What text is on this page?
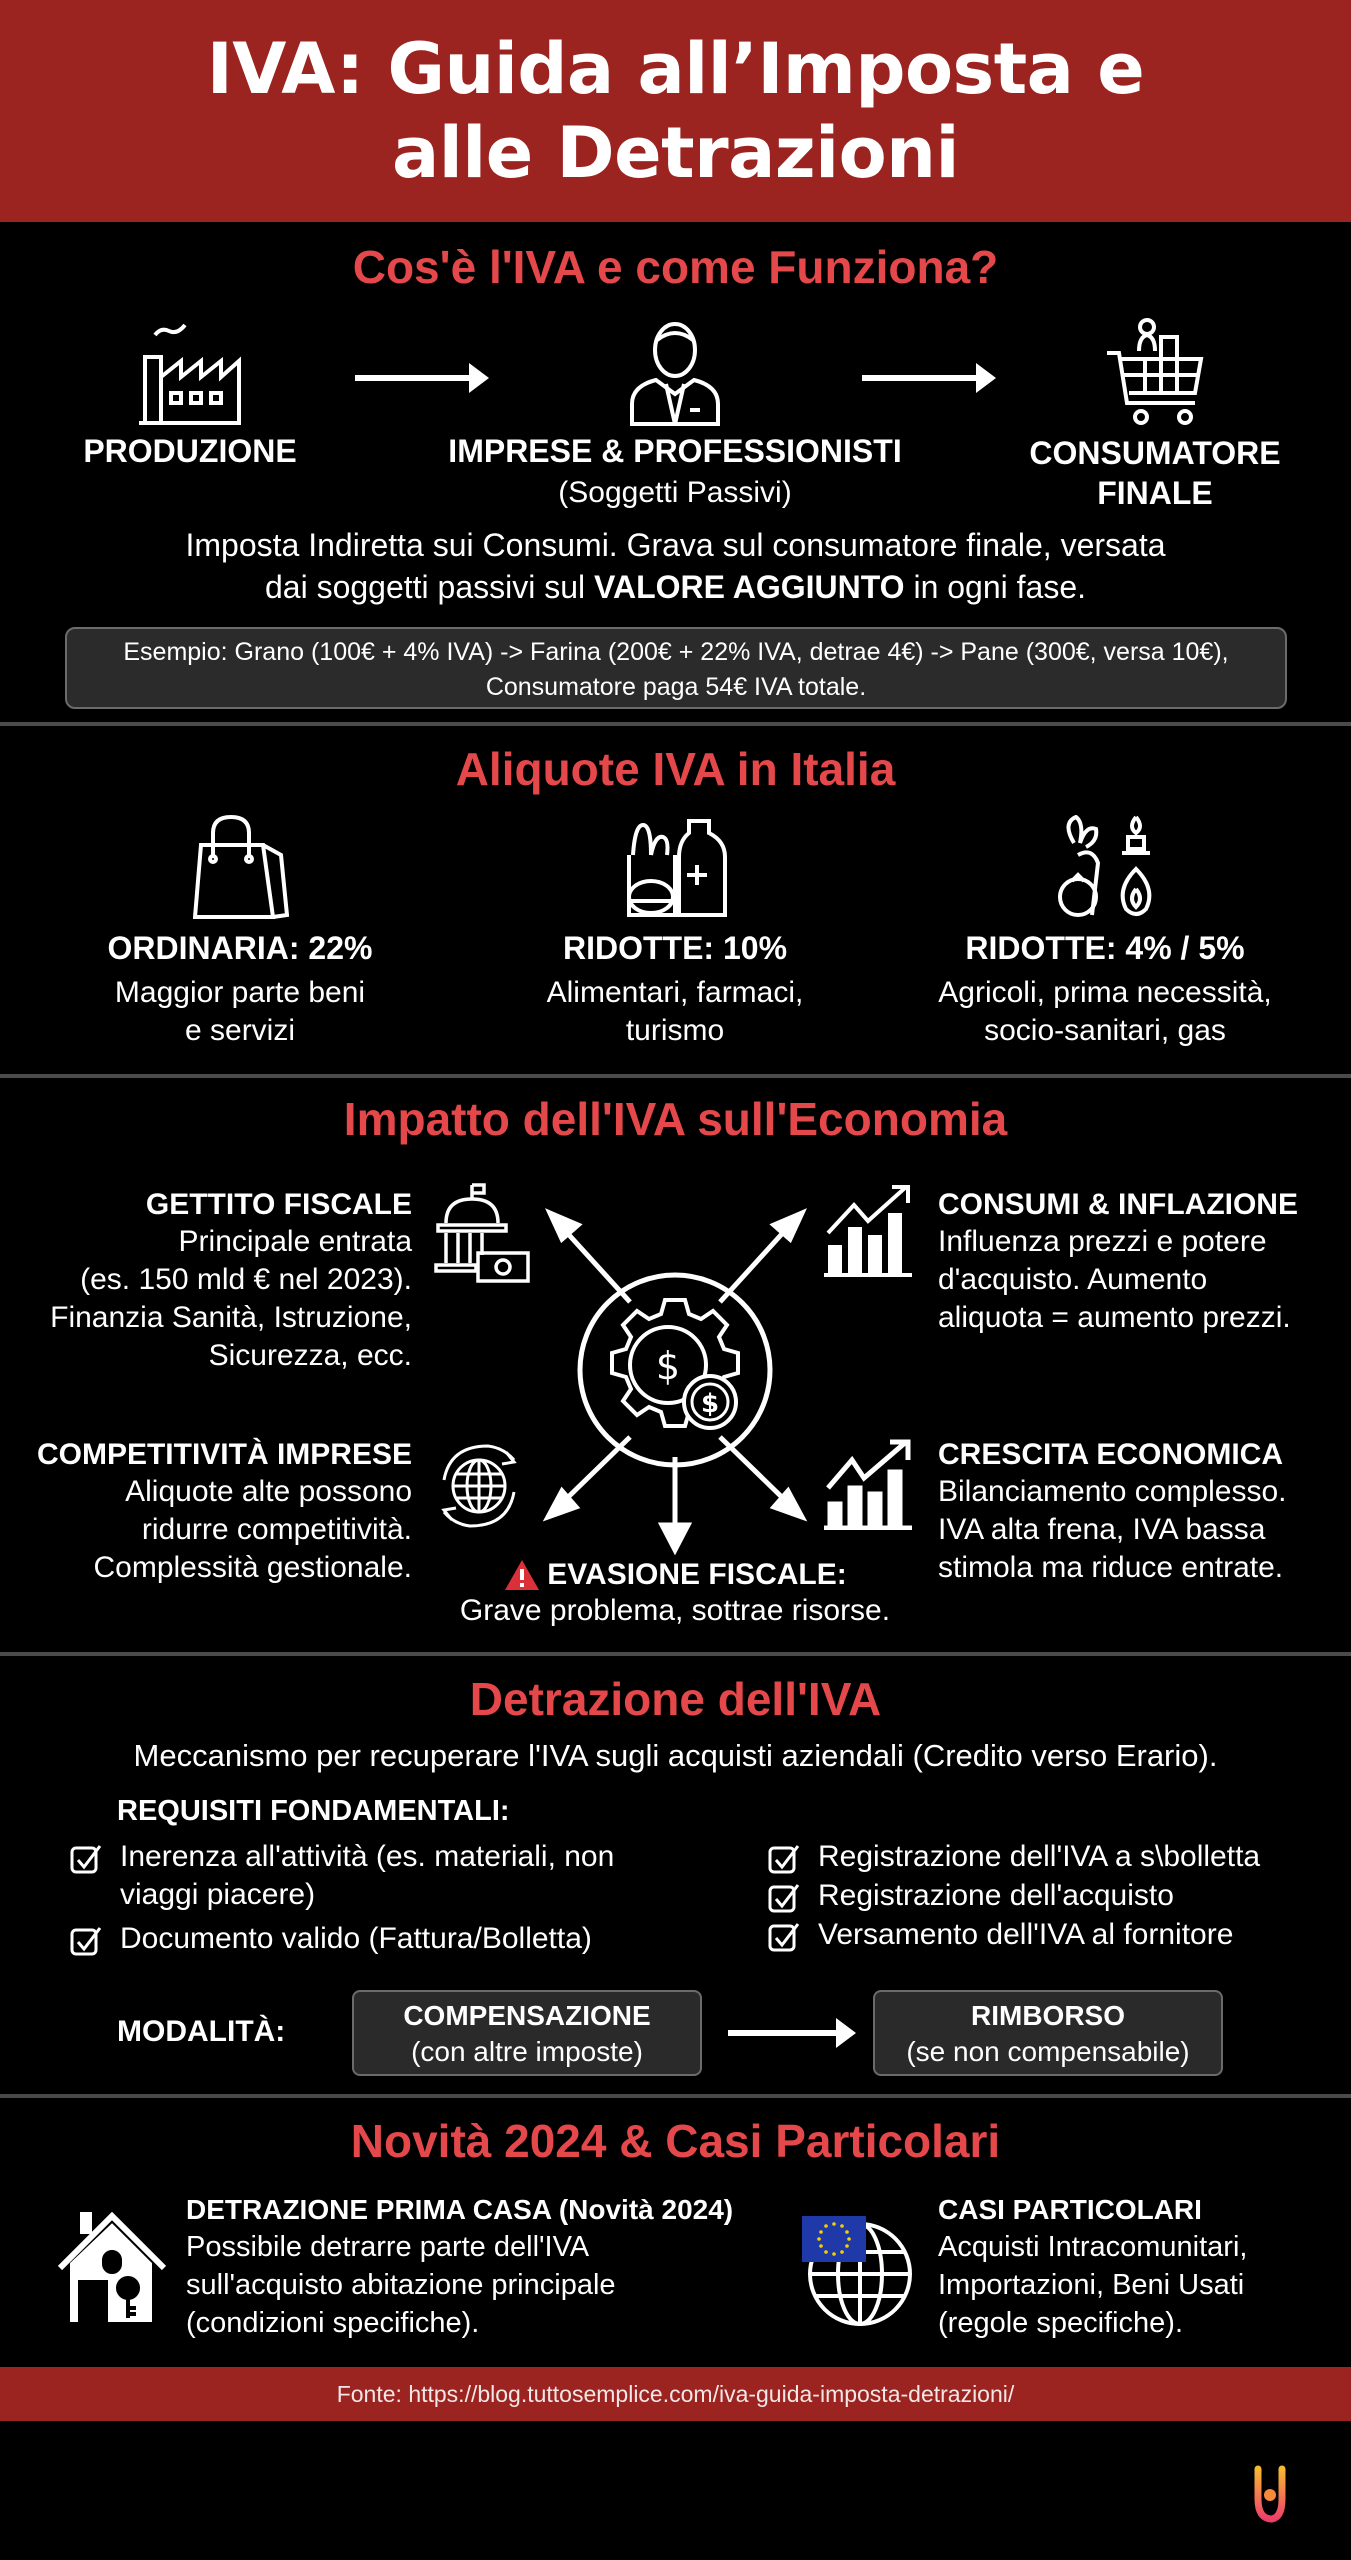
IVA: Guida all’Imposta e
alle Detrazioni
Cos'è l'IVA e come Funziona?
PRODUZIONE	IMPRESE & PROFESSIONISTI
(Soggetti Passivi)
CONSUMATORE
FINALE
Imposta Indiretta sui Consumi. Grava sul consumatore finale, versata
dai soggetti passivi sul VALORE AGGIUNTO in ogni fase.
Esempio: Grano (100€ + 4% IVA) -> Farina (200€ + 22% IVA, detrae 4€) -> Pane (300€, versa 10€),
Consumatore paga 54€ IVA totale.
Aliquote IVA in Italia
ORDINARIA: 22%
Maggior parte beni
e servizi
RIDOTTE: 10%
Alimentari, farmaci,
turismo
RIDOTTE: 4% / 5%
Agricoli, prima necessità,
socio-sanitari, gas
Impatto dell'IVA sull'Economia
$
$
GETTITO FISCALE
Principale entrata
(es. 150 mld € nel 2023).
Finanzia Sanità, Istruzione,
Sicurezza, ecc.
CONSUMI & INFLAZIONE
Influenza prezzi e potere
d'acquisto. Aumento
aliquota = aumento prezzi.
COMPETITIVITÀ IMPRESE
Aliquote alte possono
ridurre competitività.
Complessità gestionale.
CRESCITA ECONOMICA
Bilanciamento complesso.
IVA alta frena, IVA bassa
stimola ma riduce entrate.
EVASIONE FISCALE:
Grave problema, sottrae risorse.
Detrazione dell'IVA
Meccanismo per recuperare l'IVA sugli acquisti aziendali (Credito verso Erario).
REQUISITI FONDAMENTALI:
Inerenza all'attività (es. materiali, non
viaggi piacere)
Documento valido (Fattura/Bolletta)
Registrazione dell'IVA a s\bolletta
Registrazione dell'acquisto
Versamento dell'IVA al fornitore
MODALITÀ:	COMPENSAZIONE
(con altre imposte)
RIMBORSO
(se non compensabile)
Novità 2024 & Casi Particolari
DETRAZIONE PRIMA CASA (Novità 2024)
Possibile detrarre parte dell'IVA
sull'acquisto abitazione principale
(condizioni specifiche).
CASI PARTICOLARI
Acquisti Intracomunitari,
Importazioni, Beni Usati
(regole specifiche).
Fonte: https://blog.tuttosemplice.com/iva-guida-imposta-detrazioni/
